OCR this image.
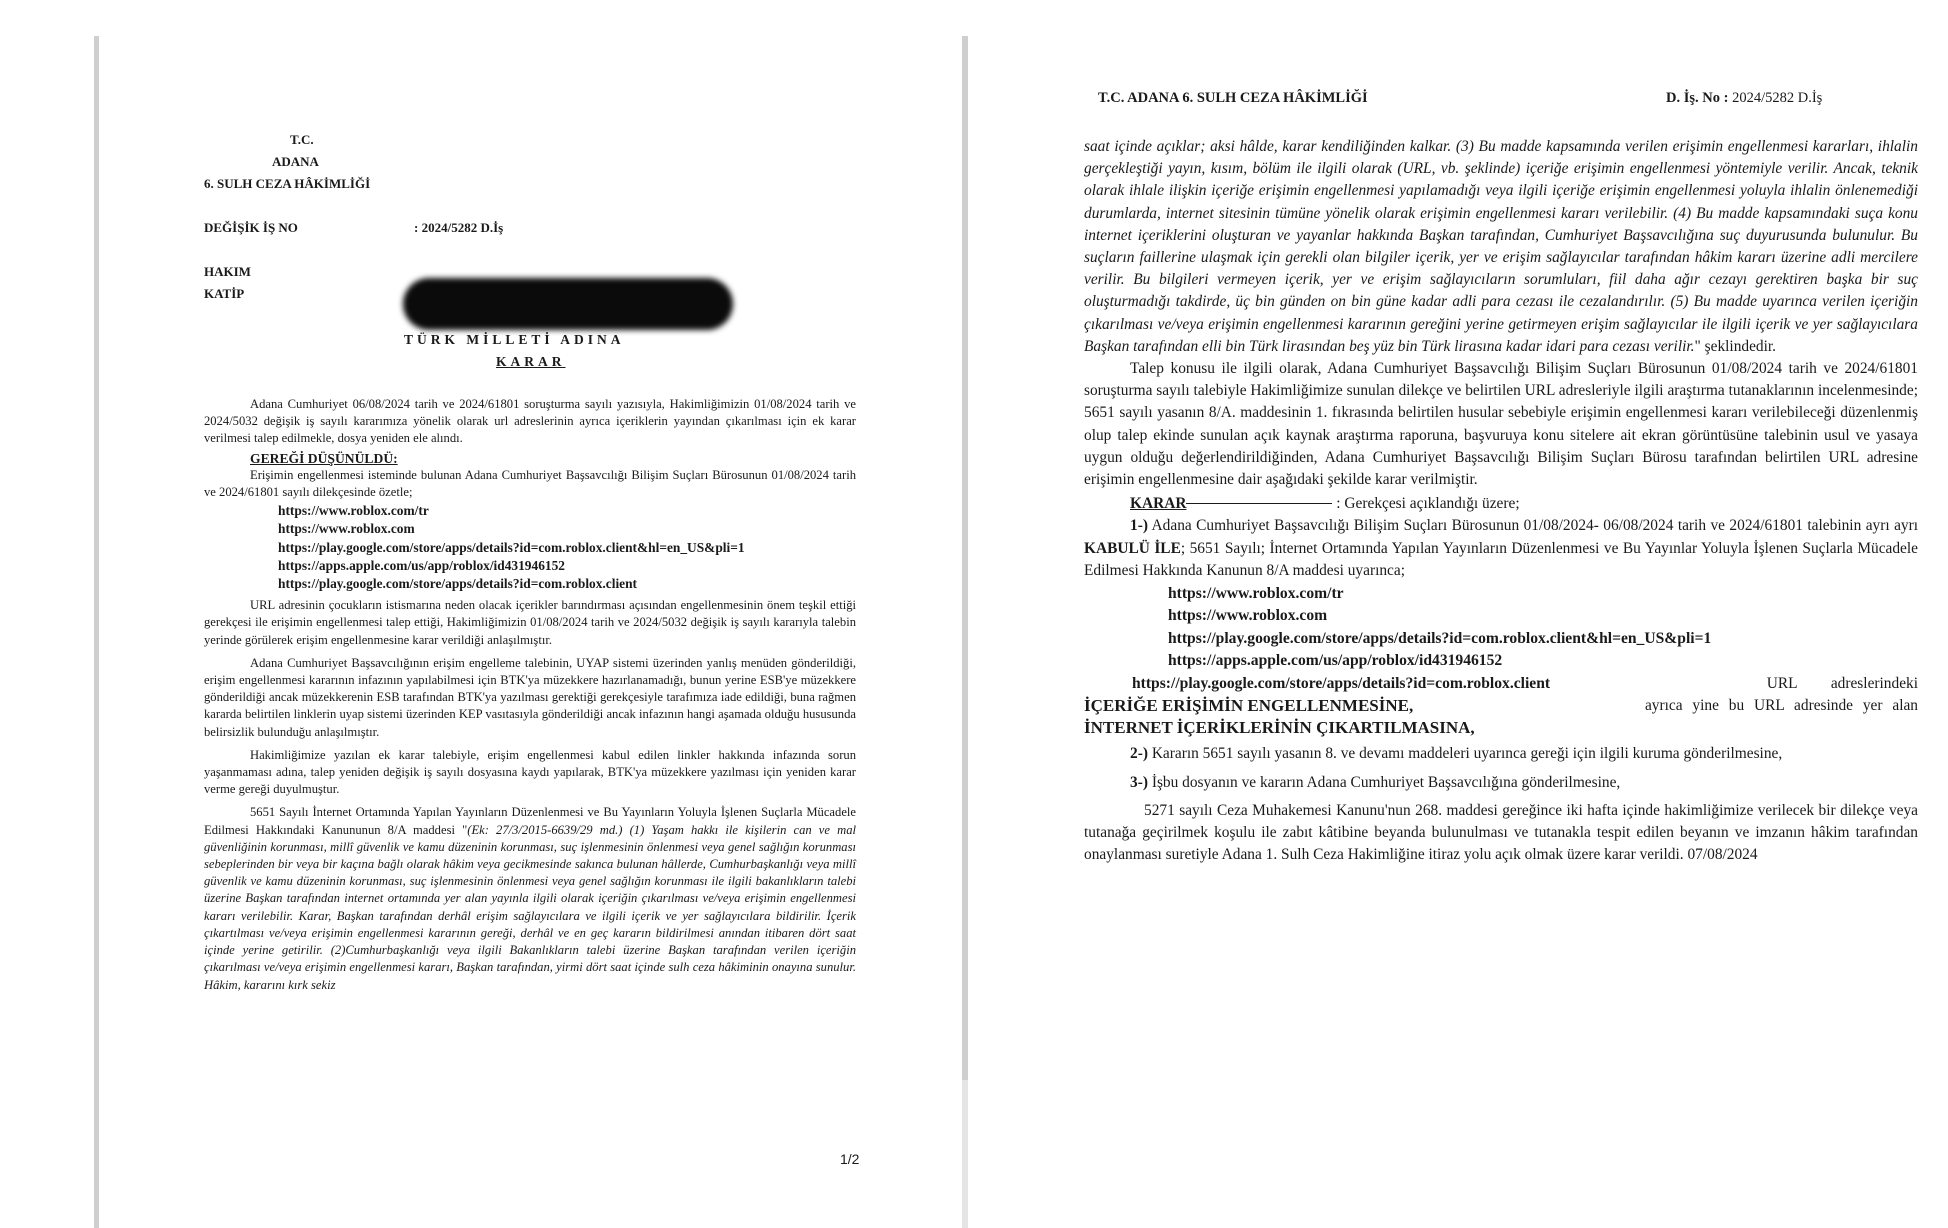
T.C.
ADANA
6. SULH CEZA HÂKİMLİĞİ
DEĞİŞİK İŞ NO	: 2024/5282 D.İş
HAKIM
KATİP
TÜRK MİLLETİ ADINA
KARAR

Adana Cumhuriyet 06/08/2024 tarih ve 2024/61801 soruşturma sayılı yazısıyla, Hakimliğimizin 01/08/2024 tarih ve 2024/5032 değişik iş sayılı kararımıza yönelik olarak url adreslerinin ayrıca içeriklerin yayından çıkarılması için ek karar verilmesi talep edilmekle, dosya yeniden ele alındı.

GEREĞİ DÜŞÜNÜLDÜ:

Erişimin engellenmesi isteminde bulunan Adana Cumhuriyet Başsavcılığı Bilişim Suçları Bürosunun 01/08/2024 tarih ve 2024/61801 sayılı dilekçesinde özetle;

https://www.roblox.com/tr
https://www.roblox.com
https://play.google.com/store/apps/details?id=com.roblox.client&hl=en_US&pli=1
https://apps.apple.com/us/app/roblox/id431946152
https://play.google.com/store/apps/details?id=com.roblox.client

URL adresinin çocukların istismarına neden olacak içerikler barındırması açısından engellenmesinin önem teşkil ettiği gerekçesi ile erişimin engellenmesi talep ettiği, Hakimliğimizin 01/08/2024 tarih ve 2024/5032 değişik iş sayılı kararıyla talebin yerinde görülerek erişim engellenmesine karar verildiği anlaşılmıştır.

Adana Cumhuriyet Başsavcılığının erişim engelleme talebinin, UYAP sistemi üzerinden yanlış menüden gönderildiği, erişim engellenmesi kararının infazının yapılabilmesi için BTK'ya müzekkere hazırlanamadığı, bunun yerine ESB'ye müzekkere gönderildiği ancak müzekkerenin ESB tarafından BTK'ya yazılması gerektiği gerekçesiyle tarafımıza iade edildiği, buna rağmen kararda belirtilen linklerin uyap sistemi üzerinden KEP vasıtasıyla gönderildiği ancak infazının hangi aşamada olduğu hususunda belirsizlik bulunduğu anlaşılmıştır.

Hakimliğimize yazılan ek karar talebiyle, erişim engellenmesi kabul edilen linkler hakkında infazında sorun yaşanmaması adına, talep yeniden değişik iş sayılı dosyasına kaydı yapılarak, BTK'ya müzekkere yazılması için yeniden karar verme gereği duyulmuştur.

5651 Sayılı İnternet Ortamında Yapılan Yayınların Düzenlenmesi ve Bu Yayınların Yoluyla İşlenen Suçlarla Mücadele Edilmesi Hakkındaki Kanununun 8/A maddesi "(Ek: 27/3/2015-6639/29 md.) (1) Yaşam hakkı ile kişilerin can ve mal güvenliğinin korunması, millî güvenlik ve kamu düzeninin korunması, suç işlenmesinin önlenmesi veya genel sağlığın korunması sebeplerinden bir veya bir kaçına bağlı olarak hâkim veya gecikmesinde sakınca bulunan hâllerde, Cumhurbaşkanlığı veya millî güvenlik ve kamu düzeninin korunması, suç işlenmesinin önlenmesi veya genel sağlığın korunması ile ilgili bakanlıkların talebi üzerine Başkan tarafından internet ortamında yer alan yayınla ilgili olarak içeriğin çıkarılması ve/veya erişimin engellenmesi kararı verilebilir. Karar, Başkan tarafından derhâl erişim sağlayıcılara ve ilgili içerik ve yer sağlayıcılara bildirilir. İçerik çıkartılması ve/veya erişimin engellenmesi kararının gereği, derhâl ve en geç kararın bildirilmesi anından itibaren dört saat içinde yerine getirilir. (2)Cumhurbaşkanlığı veya ilgili Bakanlıkların talebi üzerine Başkan tarafından verilen içeriğin çıkarılması ve/veya erişimin engellenmesi kararı, Başkan tarafından, yirmi dört saat içinde sulh ceza hâkiminin onayına sunulur. Hâkim, kararını kırk sekiz

1/2
T.C. ADANA 6. SULH CEZA HÂKİMLİĞİ	D. İş. No : 2024/5282 D.İş

saat içinde açıklar; aksi hâlde, karar kendiliğinden kalkar. (3) Bu madde kapsamında verilen erişimin engellenmesi kararları, ihlalin gerçekleştiği yayın, kısım, bölüm ile ilgili olarak (URL, vb. şeklinde) içeriğe erişimin engellenmesi yöntemiyle verilir. Ancak, teknik olarak ihlale ilişkin içeriğe erişimin engellenmesi yapılamadığı veya ilgili içeriğe erişimin engellenmesi yoluyla ihlalin önlenemediği durumlarda, internet sitesinin tümüne yönelik olarak erişimin engellenmesi kararı verilebilir. (4) Bu madde kapsamındaki suça konu internet içeriklerini oluşturan ve yayanlar hakkında Başkan tarafından, Cumhuriyet Başsavcılığına suç duyurusunda bulunulur. Bu suçların faillerine ulaşmak için gerekli olan bilgiler içerik, yer ve erişim sağlayıcılar tarafından hâkim kararı üzerine adli mercilere verilir. Bu bilgileri vermeyen içerik, yer ve erişim sağlayıcıların sorumluları, fiil daha ağır cezayı gerektiren başka bir suç oluşturmadığı takdirde, üç bin günden on bin güne kadar adli para cezası ile cezalandırılır. (5) Bu madde uyarınca verilen içeriğin çıkarılması ve/veya erişimin engellenmesi kararının gereğini yerine getirmeyen erişim sağlayıcılar ile ilgili içerik ve yer sağlayıcılara Başkan tarafından elli bin Türk lirasından beş yüz bin Türk lirasına kadar idari para cezası verilir." şeklindedir.

Talep konusu ile ilgili olarak, Adana Cumhuriyet Başsavcılığı Bilişim Suçları Bürosunun 01/08/2024 tarih ve 2024/61801 soruşturma sayılı talebiyle Hakimliğimize sunulan dilekçe ve belirtilen URL adresleriyle ilgili araştırma tutanaklarının incelenmesinde; 5651 sayılı yasanın 8/A. maddesinin 1. fıkrasında belirtilen husular sebebiyle erişimin engellenmesi kararı verilebileceği düzenlenmiş olup talep ekinde sunulan açık kaynak araştırma raporuna, başvuruya konu sitelere ait ekran görüntüsüne talebinin usul ve yasaya uygun olduğu değerlendirildiğinden, Adana Cumhuriyet Başsavcılığı Bilişim Suçları Bürosu tarafından belirtilen URL adresine erişimin engellenmesine dair aşağıdaki şekilde karar verilmiştir.

KARAR	: Gerekçesi açıklandığı üzere;

1-) Adana Cumhuriyet Başsavcılığı Bilişim Suçları Bürosunun 01/08/2024- 06/08/2024 tarih ve 2024/61801 talebinin ayrı ayrı KABULÜ İLE; 5651 Sayılı; İnternet Ortamında Yapılan Yayınların Düzenlenmesi ve Bu Yayınlar Yoluyla İşlenen Suçlarla Mücadele Edilmesi Hakkında Kanunun 8/A maddesi uyarınca;

https://www.roblox.com/tr
https://www.roblox.com
https://play.google.com/store/apps/details?id=com.roblox.client&hl=en_US&pli=1
https://apps.apple.com/us/app/roblox/id431946152
https://play.google.com/store/apps/details?id=com.roblox.client	URL adreslerindeki
İÇERİĞE ERİŞİMİN ENGELLENMESİNE,	ayrıca yine bu URL adresinde yer alan

İNTERNET İÇERİKLERİNİN ÇIKARTILMASINA,

2-) Kararın 5651 sayılı yasanın 8. ve devamı maddeleri uyarınca gereği için ilgili kuruma gönderilmesine,

3-) İşbu dosyanın ve kararın Adana Cumhuriyet Başsavcılığına gönderilmesine,

5271 sayılı Ceza Muhakemesi Kanunu'nun 268. maddesi gereğince iki hafta içinde hakimliğimize verilecek bir dilekçe veya tutanağa geçirilmek koşulu ile zabıt kâtibine beyanda bulunulması ve tutanakla tespit edilen beyanın ve imzanın hâkim tarafından onaylanması suretiyle Adana 1. Sulh Ceza Hakimliğine itiraz yolu açık olmak üzere karar verildi. 07/08/2024
